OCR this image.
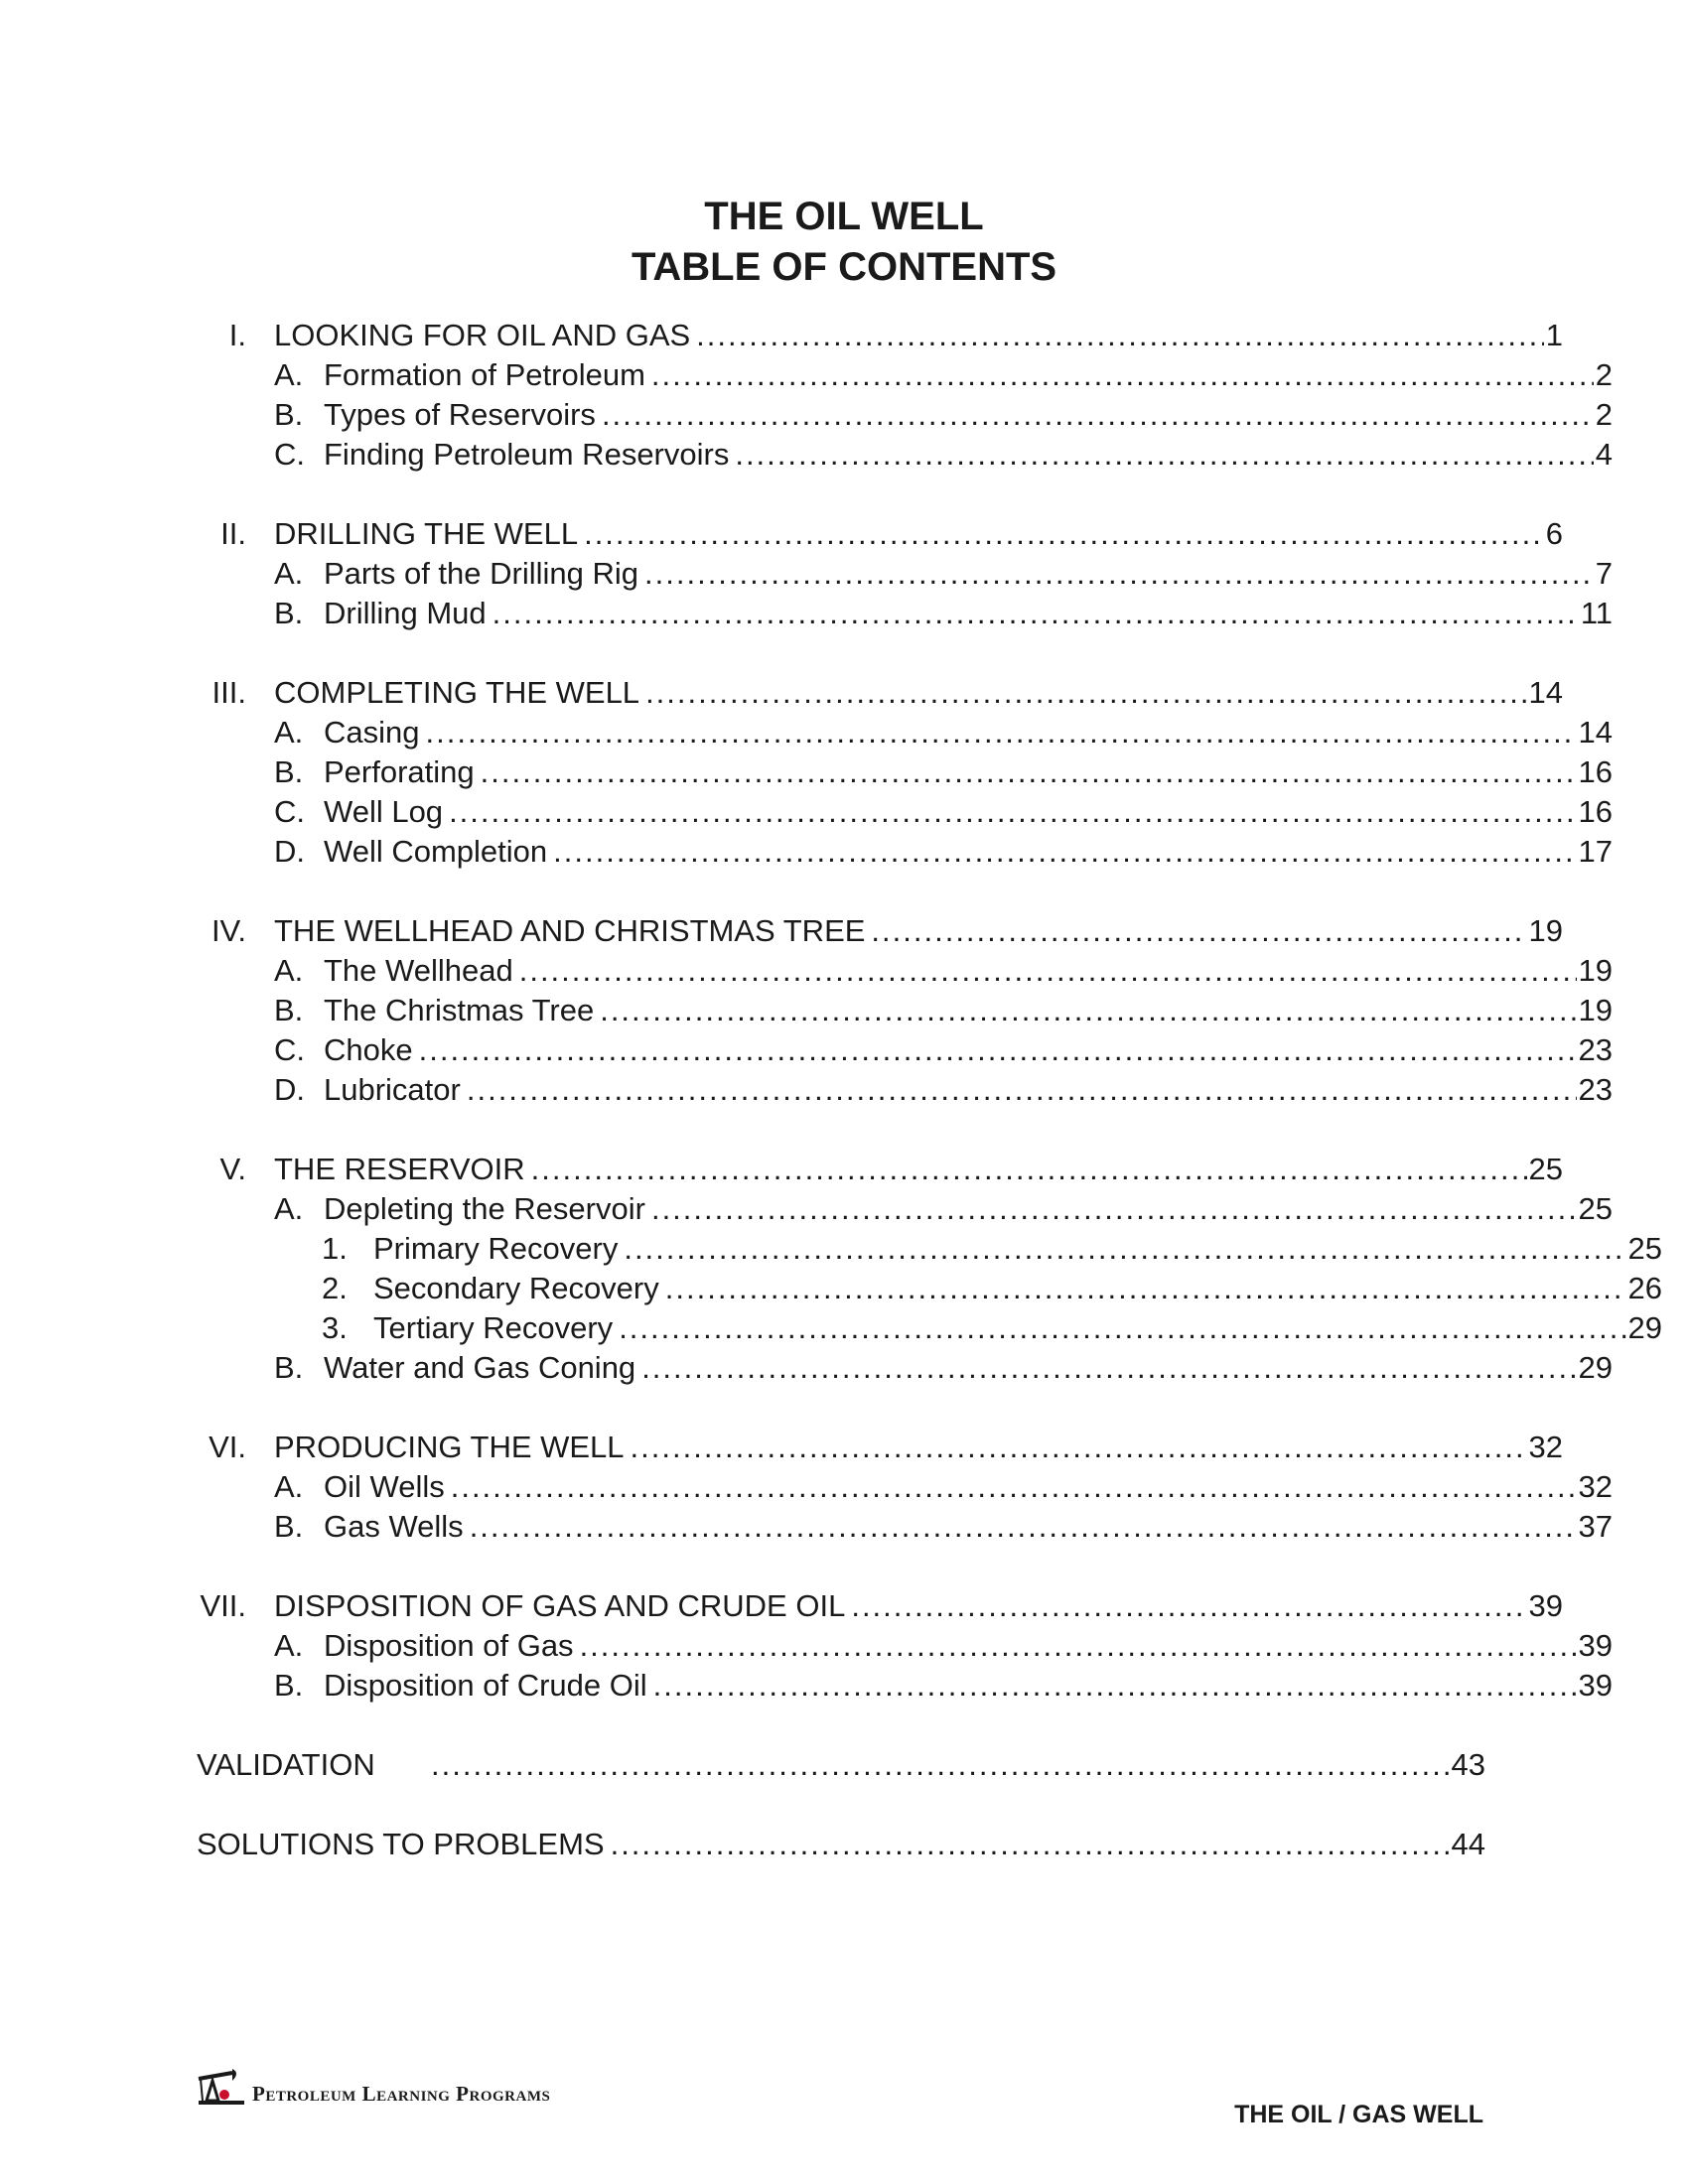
THE OIL WELL
TABLE OF CONTENTS
I. LOOKING FOR OIL AND GAS .....	1
A. Formation of Petroleum .....	2
B. Types of Reservoirs .....	2
C. Finding Petroleum Reservoirs .....	4
II. DRILLING THE WELL .....	6
A. Parts of the Drilling Rig .....	7
B. Drilling Mud .....	11
III. COMPLETING THE WELL .....	14
A. Casing .....	14
B. Perforating .....	16
C. Well Log .....	16
D. Well Completion .....	17
IV. THE WELLHEAD AND CHRISTMAS TREE .....	19
A. The Wellhead .....	19
B. The Christmas Tree .....	19
C. Choke .....	23
D. Lubricator .....	23
V. THE RESERVOIR .....	25
A. Depleting the Reservoir .....	25
1. Primary Recovery .....	25
2. Secondary Recovery .....	26
3. Tertiary Recovery .....	29
B. Water and Gas Coning .....	29
VI. PRODUCING THE WELL .....	32
A. Oil Wells .....	32
B. Gas Wells .....	37
VII. DISPOSITION OF GAS AND CRUDE OIL .....	39
A. Disposition of Gas .....	39
B. Disposition of Crude Oil .....	39
VALIDATION .....	43
SOLUTIONS TO PROBLEMS .....	44
Petroleum Learning Programs
THE OIL / GAS WELL
